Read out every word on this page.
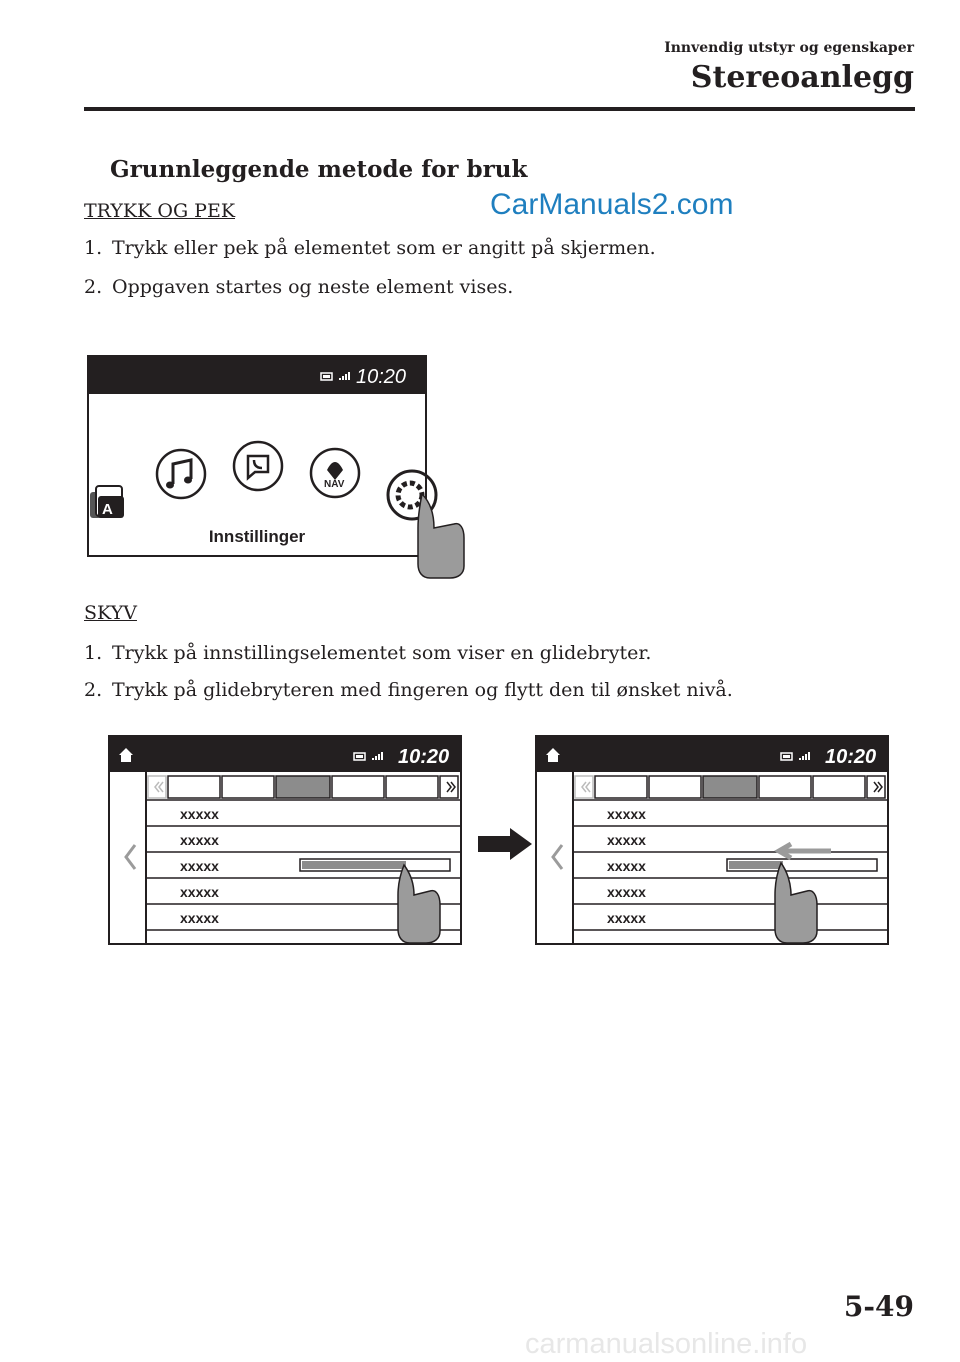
Innvendig utstyr og egenskaper
Stereoanlegg
Grunnleggende metode for bruk
CarManuals2.com
TRYKK OG PEK
1. Trykk eller pek på elementet som er angitt på skjermen.
2. Oppgaven startes og neste element vises.
10:20
A
NAV
Innstillinger
SKYV
1. Trykk på innstillingselementet som viser en glidebryter.
2. Trykk på glidebryteren med fingeren og flytt den til ønsket nivå.
10:20
xxxxx
xxxxx
xxxxx
xxxxx
xxxxx
10:20
xxxxx
xxxxx
xxxxx
xxxxx
xxxxx
5-49
carmanualsonline.info
